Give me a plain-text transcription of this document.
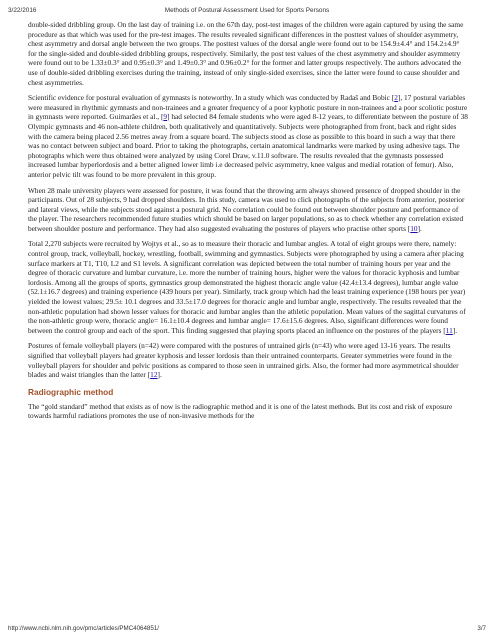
3/22/2016	Methods of Postural Assessment Used for Sports Persons

double-sided dribbling group. On the last day of training i.e. on the 67th day, post-test images of the children were again captured by using the same procedure as that which was used for the pre-test images. The results revealed significant differences in the posttest values of shoulder asymmetry, chest asymmetry and dorsal angle between the two groups. The posttest values of the dorsal angle were found out to be 154.9±4.4° and 154.2±4.9° for the single-sided and double-sided dribbling groups, respectively. Similarly, the post test values of the chest asymmetry and shoulder asymmetry were found out to be 1.33±0.3° and 0.95±0.3° and 1.49±0.3° and 0.96±0.2° for the former and latter groups respectively. The authors advocated the use of double-sided dribbling exercises during the training, instead of only single-sided exercises, since the latter were found to cause shoulder and chest asymmetries.

Scientific evidence for postural evaluation of gymnasts is noteworthy. In a study which was conducted by Radaš and Bobic [2], 17 postural variables were measured in rhythmic gymnasts and non-trainees and a greater frequency of a poor kyphotic posture in non-trainees and a poor scoliotic posture in gymnasts were reported. Guimarães et al., [9] had selected 84 female students who were aged 8-12 years, to differentiate between the posture of 38 Olympic gymnasts and 46 non-athlete children, both qualitatively and quantitatively. Subjects were photographed from front, back and right sides with the camera being placed 2.56 metres away from a square board. The subjects stood as close as possible to this board in such a way that there was no contact between subject and board. Prior to taking the photographs, certain anatomical landmarks were marked by using adhesive tags. The photographs which were thus obtained were analyzed by using Corel Draw, v.11.0 software. The results revealed that the gymnasts possessed increased lumbar hyperlordosis and a better aligned lower limb i.e decreased pelvic asymmetry, knee valgus and medial rotation of femur). Also, anterior pelvic tilt was found to be more prevalent in this group.

When 28 male university players were assessed for posture, it was found that the throwing arm always showed presence of dropped shoulder in the participants. Out of 28 subjects, 9 had dropped shoulders. In this study, camera was used to click photographs of the subjects from anterior, posterior and lateral views, while the subjects stood against a postural grid. No correlation could be found out between shoulder posture and performance of the player. The researchers recommended future studies which should be based on larger populations, so as to check whether any correlation existed between shoulder posture and performance. They had also suggested evaluating the postures of players who practise other sports [10].

Total 2,270 subjects were recruited by Wojtys et al., so as to measure their thoracic and lumbar angles. A total of eight groups were there, namely: control group, track, volleyball, hockey, wrestling, football, swimming and gymnastics. Subjects were photographed by using a camera after placing surface markers at T1, T10, L2 and S1 levels. A significant correlation was depicted between the total number of training hours per year and the degree of thoracic curvature and lumbar curvature, i.e. more the number of training hours, higher were the values for thoracic kyphosis and lumbar lordosis. Among all the groups of sports, gymnastics group demonstrated the highest thoracic angle value (42.4±13.4 degrees), lumbar angle value (52.1±16.7 degrees) and training experience (439 hours per year). Similarly, track group which had the least training experience (198 hours per year) yielded the lowest values; 29.5± 10.1 degrees and 33.5±17.0 degrees for thoracic angle and lumbar angle, respectively. The results revealed that the non-athletic population had shown lesser values for thoracic and lumbar angles than the athletic population. Mean values of the sagittal curvatures of the non-athletic group were, thoracic angle= 16.1±10.4 degrees and lumbar angle= 17.6±15.6 degrees. Also, significant differences were found between the control group and each of the sport. This finding suggested that playing sports placed an influence on the postures of the players [11].

Postures of female volleyball players (n=42) were compared with the postures of untrained girls (n=43) who were aged 13-16 years. The results signified that volleyball players had greater kyphosis and lesser lordosis than their untrained counterparts. Greater symmetries were found in the volleyball players for shoulder and pelvic positions as compared to those seen in untrained girls. Also, the former had more asymmetrical shoulder blades and waist triangles than the latter [12].

Radiographic method

The “gold standard” method that exists as of now is the radiographic method and it is one of the latest methods. But its cost and risk of exposure towards harmful radiations promotes the use of non-invasive methods for the

http://www.ncbi.nlm.nih.gov/pmc/articles/PMC4064851/	3/7
